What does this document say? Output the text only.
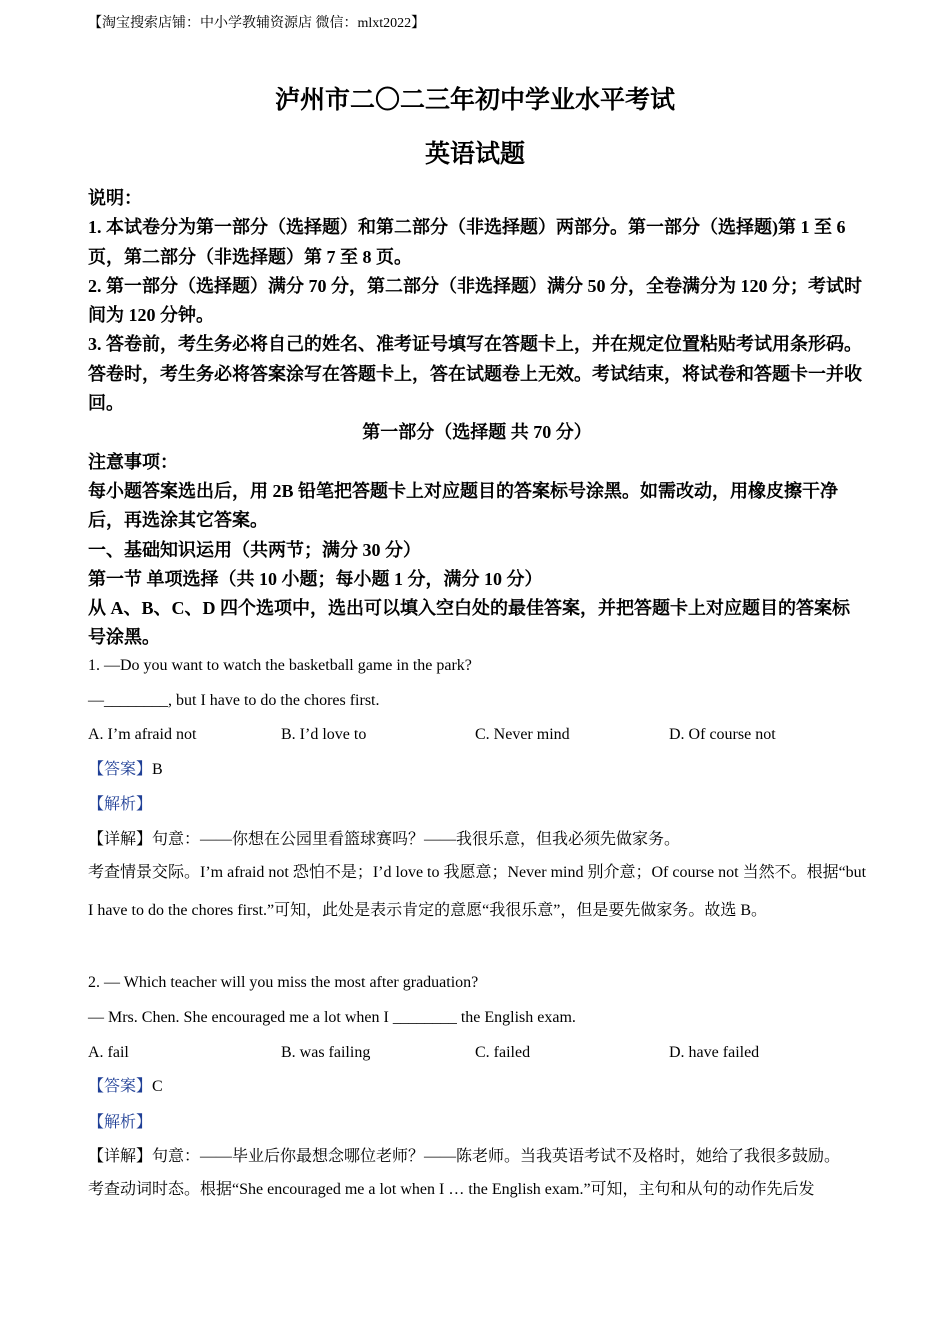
【淘宝搜索店铺：中小学教辅资源店 微信：mlxt2022】
泸州市二〇二三年初中学业水平考试
英语试题

说明：

1. 本试卷分为第一部分（选择题）和第二部分（非选择题）两部分。第一部分（选择题)第 1 至 6 页，第二部分（非选择题）第 7 至 8 页。

2. 第一部分（选择题）满分 70 分，第二部分（非选择题）满分 50 分，全卷满分为 120 分；考试时间为 120 分钟。

3. 答卷前，考生务必将自己的姓名、准考证号填写在答题卡上，并在规定位置粘贴考试用条形码。答卷时，考生务必将答案涂写在答题卡上，答在试题卷上无效。考试结束，将试卷和答题卡一并收回。

第一部分（选择题 共 70 分）

注意事项：

每小题答案选出后，用 2B 铅笔把答题卡上对应题目的答案标号涂黑。如需改动，用橡皮擦干净后，再选涂其它答案。

一、基础知识运用（共两节；满分 30 分）

第一节 单项选择（共 10 小题；每小题 1 分，满分 10 分）

从 A、B、C、D 四个选项中，选出可以填入空白处的最佳答案，并把答题卡上对应题目的答案标号涂黑。

1. —Do you want to watch the basketball game in the park?
—________, but I have to do the chores first.
A. I’m afraid not	B. I’d love to	C. Never mind	D. Of course not
【答案】B
【解析】
【详解】句意：——你想在公园里看篮球赛吗？——我很乐意，但我必须先做家务。
考查情景交际。I’m afraid not 恐怕不是；I’d love to 我愿意；Never mind 别介意；Of course not 当然不。根据“but I have to do the chores first.”可知，此处是表示肯定的意愿“我很乐意”，但是要先做家务。故选 B。
2. — Which teacher will you miss the most after graduation?
— Mrs. Chen. She encouraged me a lot when I ________ the English exam.
A. fail	B. was failing	C. failed	D. have failed
【答案】C
【解析】
【详解】句意：——毕业后你最想念哪位老师？——陈老师。当我英语考试不及格时，她给了我很多鼓励。
考查动词时态。根据“She encouraged me a lot when I … the English exam.”可知，主句和从句的动作先后发
